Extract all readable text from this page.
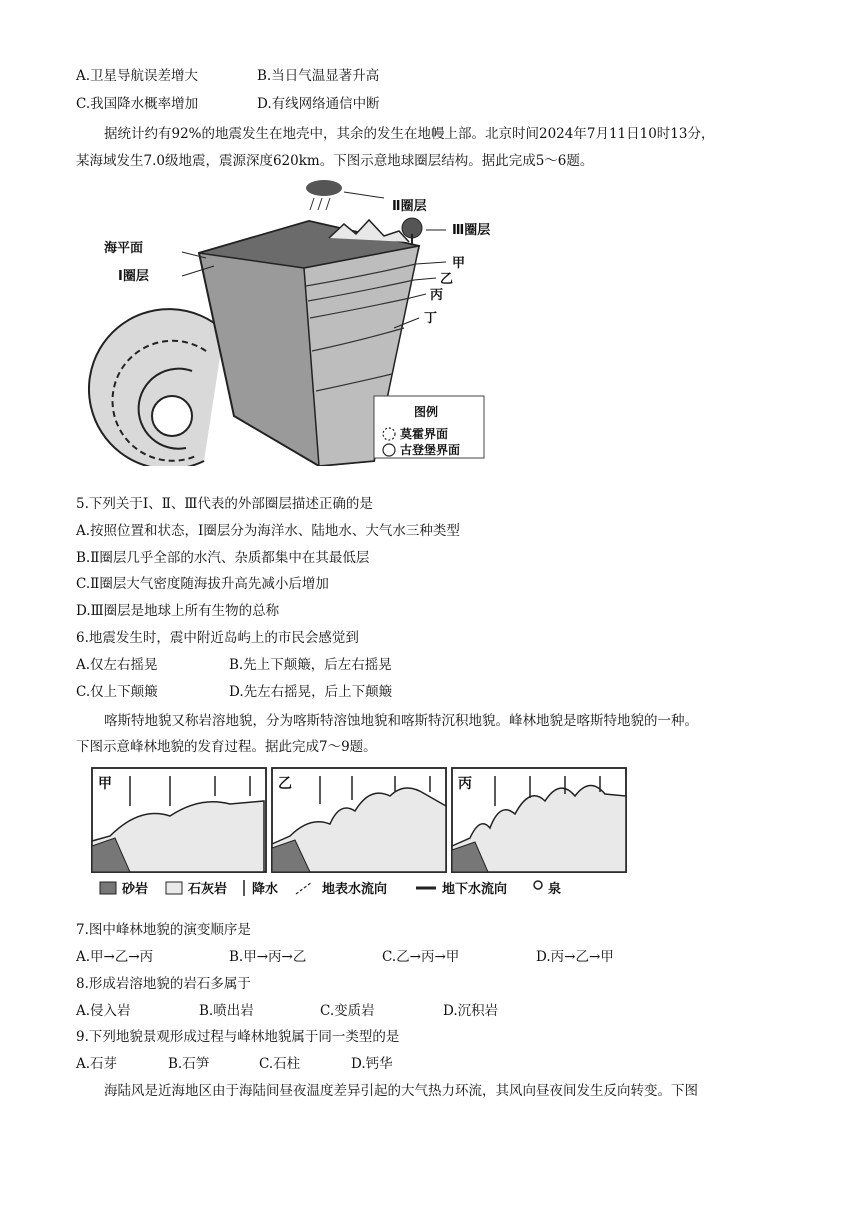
A.卫星导航误差增大	B.当日气温显著升高
C.我国降水概率增加	D.有线网络通信中断
据统计约有92%的地震发生在地壳中，其余的发生在地幔上部。北京时间2024年7月11日10时13分，
某海域发生7.0级地震，震源深度620km。下图示意地球圈层结构。据此完成5～6题。
Ⅱ圈层
Ⅲ圈层
海平面
Ⅰ圈层
甲
乙
丙
丁
图例
莫霍界面
古登堡界面
5.下列关于Ⅰ、Ⅱ、Ⅲ代表的外部圈层描述正确的是
A.按照位置和状态，Ⅰ圈层分为海洋水、陆地水、大气水三种类型
B.Ⅱ圈层几乎全部的水汽、杂质都集中在其最低层
C.Ⅱ圈层大气密度随海拔升高先减小后增加
D.Ⅲ圈层是地球上所有生物的总称
6.地震发生时，震中附近岛屿上的市民会感觉到
A.仅左右摇晃	B.先上下颠簸，后左右摇晃
C.仅上下颠簸	D.先左右摇晃，后上下颠簸
喀斯特地貌又称岩溶地貌，分为喀斯特溶蚀地貌和喀斯特沉积地貌。峰林地貌是喀斯特地貌的一种。
下图示意峰林地貌的发育过程。据此完成7～9题。
甲	乙	丙
砂岩	石灰岩 降水	地表水流向	地下水流向	泉
7.图中峰林地貌的演变顺序是
A.甲→乙→丙	B.甲→丙→乙	C.乙→丙→甲	D.丙→乙→甲
8.形成岩溶地貌的岩石多属于
A.侵入岩	B.喷出岩	C.变质岩	D.沉积岩
9.下列地貌景观形成过程与峰林地貌属于同一类型的是
A.石芽	B.石笋	C.石柱	D.钙华
海陆风是近海地区由于海陆间昼夜温度差异引起的大气热力环流，其风向昼夜间发生反向转变。下图
